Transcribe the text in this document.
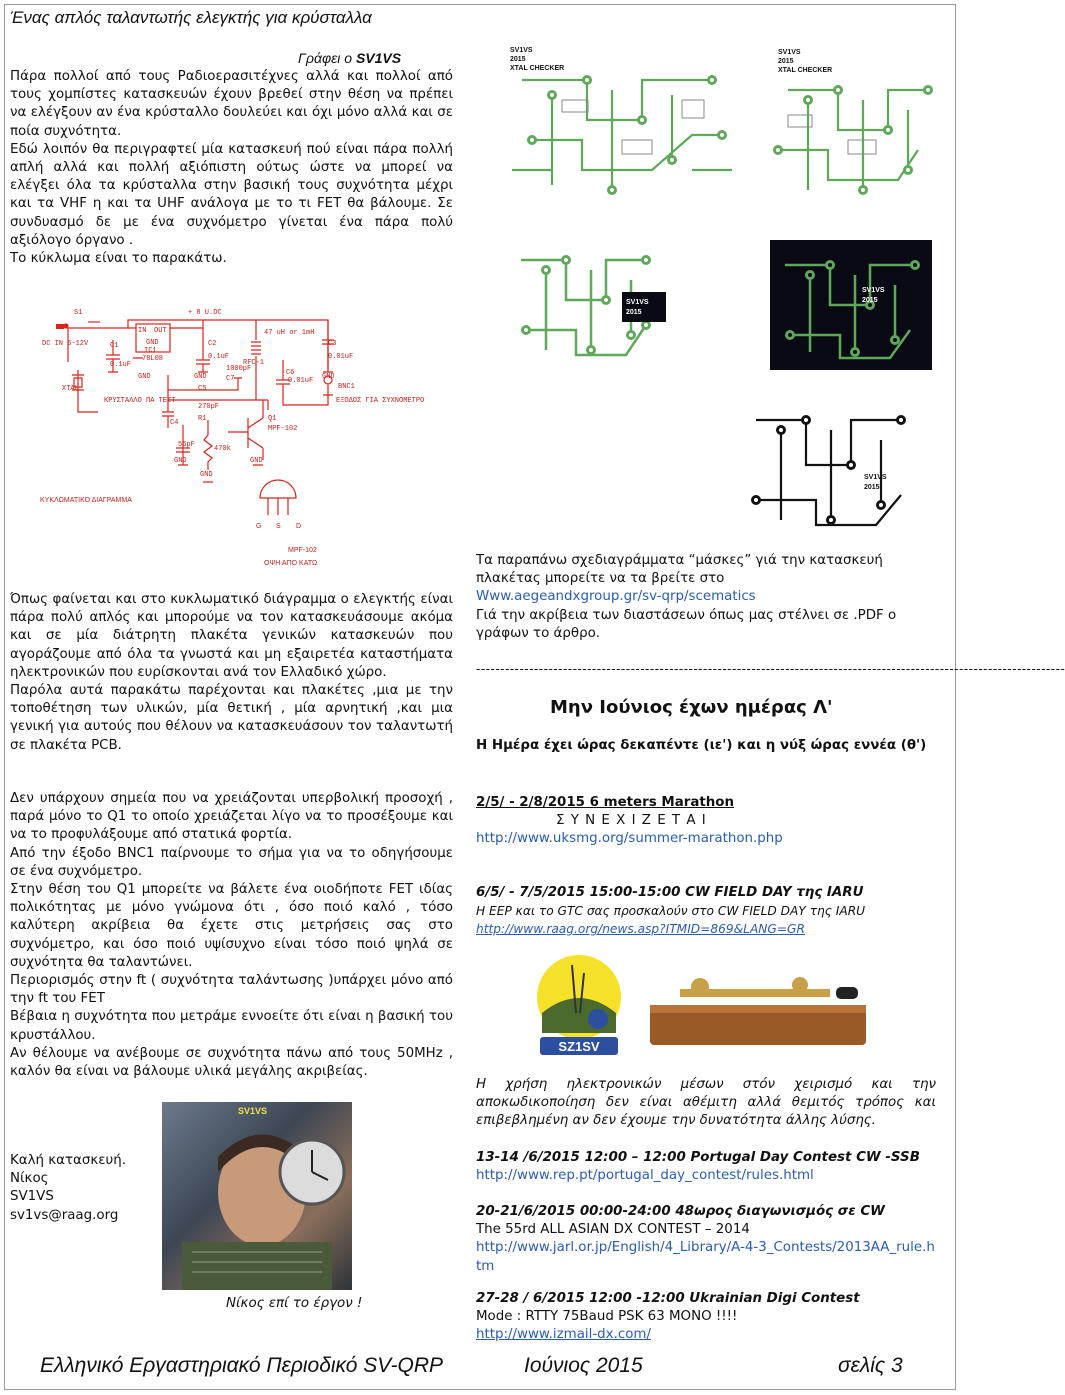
Ένας απλός ταλαντωτής ελεγκτής για κρύσταλλα
Γράφει ο SV1VS

Πάρα πολλοί από τους Ραδιοερασιτέχνες αλλά και πολλοί από τους χομπίστες κατασκευών έχουν βρεθεί στην θέση να πρέπει να ελέγξουν αν ένα κρύσταλλο δουλεύει και όχι μόνο αλλά και σε ποία συχνότητα.

Εδώ λοιπόν θα περιγραφτεί μία κατασκευή πού είναι πάρα πολλή απλή αλλά και πολλή αξιόπιστη ούτως ώστε να μπορεί να ελέγξει όλα τα κρύσταλλα στην βασική τους συχνότητα μέχρι και τα VHF η και τα UHF ανάλογα με το τι FET θα βάλουμε. Σε συνδυασμό δε με ένα συχνόμετρο γίνεται ένα πάρα πολύ αξιόλογο όργανο .

Το κύκλωμα είναι το παρακάτω.

S1
DC IN 5-12V
+ 8 U.DC
C1
0.1uF
IN OUT
GND
IC1
78L08
C2
0.1uF
C3
0.01uF
C7
1000pF
RFC-1
47 uH or 1mH
C6
0.01uF
BNC1
C5
270pF
C4
56pF
R1
470k
Q1
MPF-102
XTAL
GND	GND	GND
GND
GND
GND
ΚΡΥΣΤΑΛΛΟ ΠΑ ΤΕΣΤ	ΕΞΟΔΟΣ ΓΙΑ ΣΥΧΝΟΜΕΤΡΟ
ΚΥΚΛΩΜΑΤΙΚΟ ΔΙΑΓΡΑΜΜΑ
G S D
MPF-102
ΟΨΗ ΑΠΟ ΚΑΤΩ
SV1VS
2015
XTAL CHECKER
SV1VS
2015
XTAL CHECKER
SV1VS
2015
SV1VS
2015
SV1VS
2015

Όπως φαίνεται και στο κυκλωματικό διάγραμμα ο ελεγκτής είναι πάρα πολύ απλός και μπορούμε να τον κατασκευάσουμε ακόμα και σε μία διάτρητη πλακέτα γενικών κατασκευών που αγοράζουμε από όλα τα γνωστά και μη εξαιρετέα καταστήματα ηλεκτρονικών που ευρίσκονται ανά τον Ελλαδικό χώρο.

Παρόλα αυτά παρακάτω παρέχονται και πλακέτες ,μια με την τοποθέτηση των υλικών, μία θετική , μία αρνητική ,και μια γενική για αυτούς που θέλουν να κατασκευάσουν τον ταλαντωτή σε πλακέτα PCB.

Δεν υπάρχουν σημεία που να χρειάζονται υπερβολική προσοχή , παρά μόνο το Q1 το οποίο χρειάζεται λίγο να το προσέξουμε και να το προφυλάξουμε από στατικά φορτία.

Από την έξοδο BNC1 παίρνουμε το σήμα για να το οδηγήσουμε σε ένα συχνόμετρο.

Στην θέση του Q1 μπορείτε να βάλετε ένα οιοδήποτε FET ιδίας πολικότητας με μόνο γνώμονα ότι , όσο ποιό καλό , τόσο καλύτερη ακρίβεια θα έχετε στις μετρήσεις σας στο συχνόμετρο, και όσο ποιό υψίσυχνο είναι τόσο ποιό ψηλά σε συχνότητα θα ταλαντώνει.

Περιορισμός στην ft ( συχνότητα ταλάντωσης )υπάρχει μόνο από την ft του FET

Βέβαια η συχνότητα που μετράμε εννοείτε ότι είναι η βασική του κρυστάλλου.

Αν θέλουμε να ανέβουμε σε συχνότητα πάνω από τους 50MHz , καλόν θα είναι να βάλουμε υλικά μεγάλης ακριβείας.

Καλή κατασκευή.
Νίκος
SV1VS
sv1vs@raag.org
SV1VS
Νίκος επί το έργον !

Τα παραπάνω σχεδιαγράμματα “μάσκες” γιά την κατασκευή πλακέτας μπορείτε να τα βρείτε στο

Www.aegeandxgroup.gr/sv-qrp/scematics

Γιά την ακρίβεια των διαστάσεων όπως μας στέλνει σε .PDF ο γράφων το άρθρο.

--------------------------------------------------------------------------------------------------------------------------
Μην Ιούνιος έχων ημέρας Λ'
Η Ημέρα έχει ώρας δεκαπέντε (ιε') και η νύξ ώρας εννέα (θ')
2/5/ - 2/8/2015 6 meters Marathon
Σ Υ Ν Ε Χ Ι Ζ Ε Τ Α Ι
http://www.uksmg.org/summer-marathon.php
6/5/ - 7/5/2015 15:00-15:00 CW FIELD DAY της IARU
Η ΕΕΡ και το GTC σας προσκαλούν στο CW FIELD DAY της IARU
http://www.raag.org/news.asp?ITMID=869&LANG=GR
SZ1SV

Η χρήση ηλεκτρονικών μέσων στόν χειρισμό και την αποκωδικοποίηση δεν είναι αθέμιτη αλλά θεμιτός τρόπος και επιβεβλημένη αν δεν έχουμε την δυνατότητα άλλης λύσης.

13-14 /6/2015 12:00 – 12:00 Portugal Day Contest CW -SSB
http://www.rep.pt/portugal_day_contest/rules.html
20-21/6/2015 00:00-24:00 48ωρος διαγωνισμός σε CW
The 55rd ALL ASIAN DX CONTEST – 2014
http://www.jarl.or.jp/English/4_Library/A-4-3_Contests/2013AA_rule.htm
27-28 / 6/2015 12:00 -12:00 Ukrainian Digi Contest
Mode : RTTY 75Baud PSK 63 MONO !!!!
http://www.izmail-dx.com/
Ελληνικό Εργαστηριακό Περιοδικό SV-QRP	Ιούνιος 2015	σελίς 3
